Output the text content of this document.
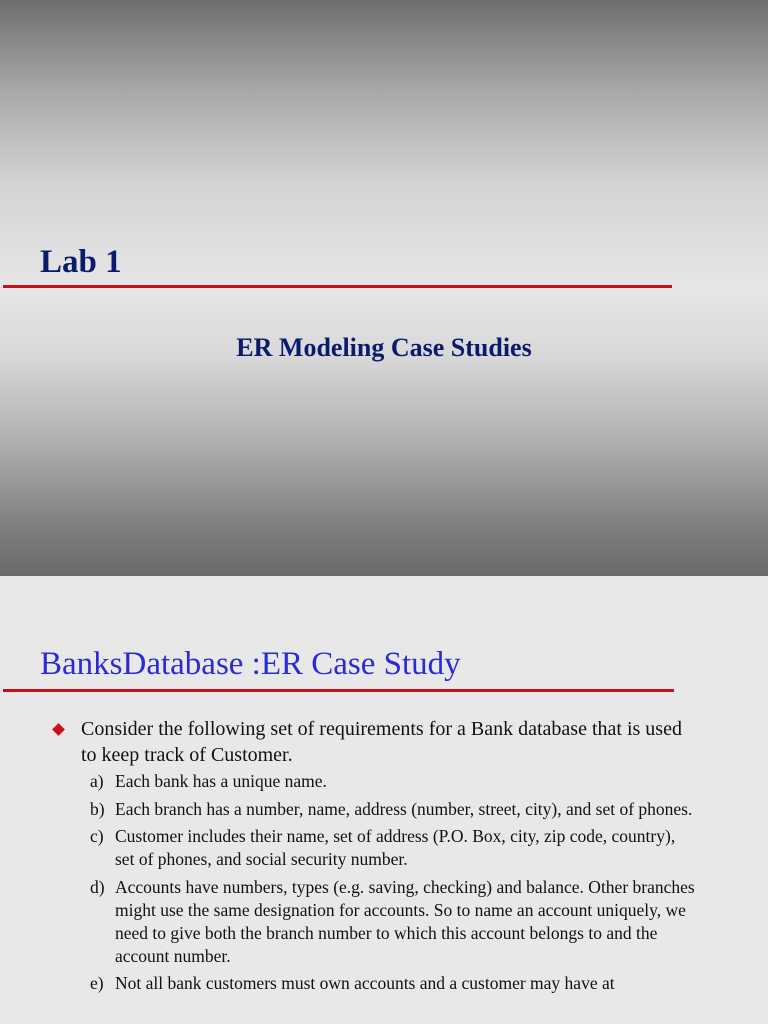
Lab 1
ER Modeling Case Studies
BanksDatabase :ER Case Study
Consider the following set of requirements for a Bank database that is used to keep track of Customer.
a) Each bank has a unique name.
b) Each branch has a number, name, address (number, street, city), and set of phones.
c) Customer includes their name, set of address (P.O. Box, city, zip code, country), set of phones, and social security number.
d) Accounts have numbers, types (e.g. saving, checking) and balance. Other branches might use the same designation for accounts. So to name an account uniquely, we need to give both the branch number to which this account belongs to and the account number.
e) Not all bank customers must own accounts and a customer may have at
